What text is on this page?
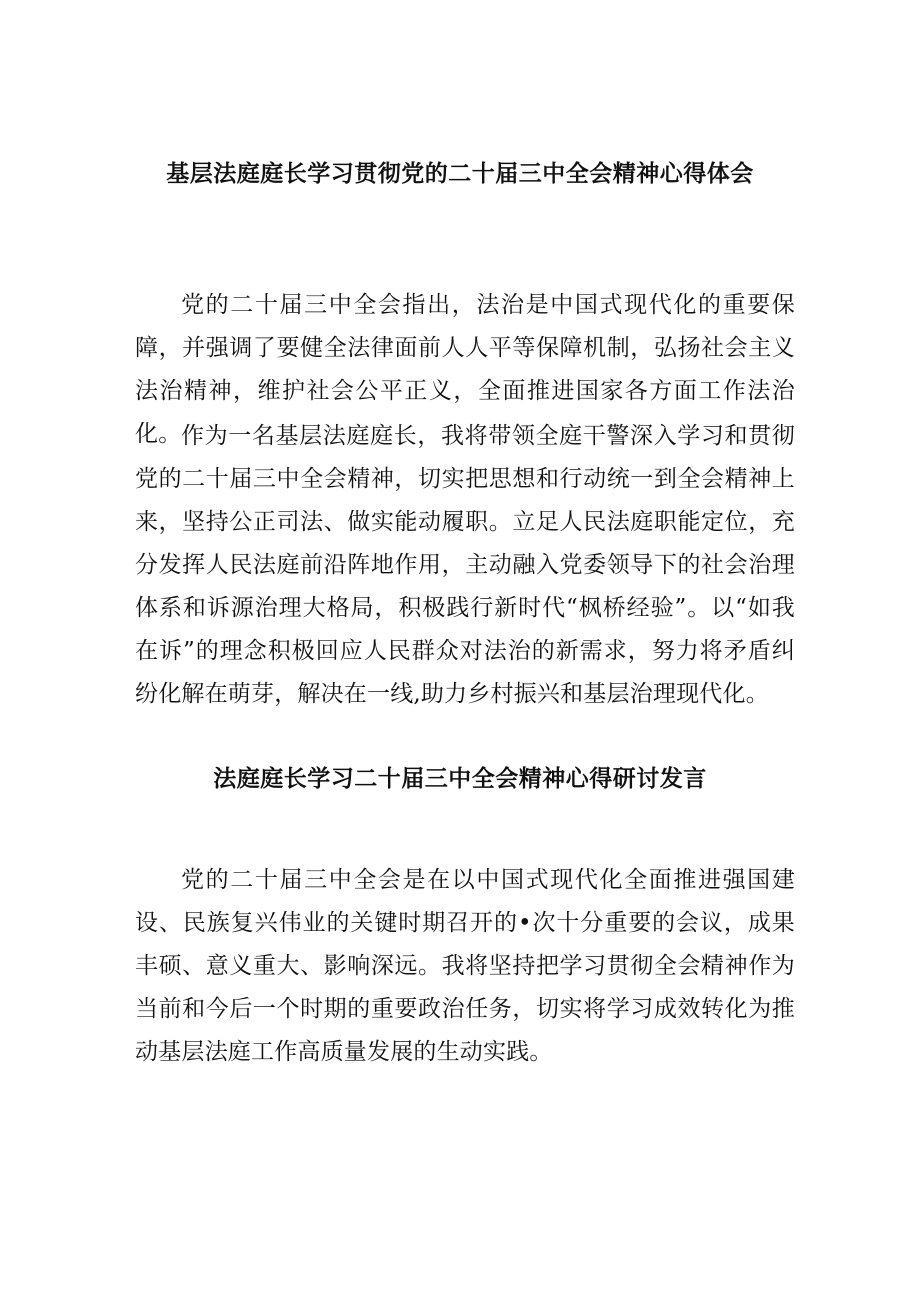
基层法庭庭长学习贯彻党的二十届三中全会精神心得体会
党的二十届三中全会指出，法治是中国式现代化的重要保障，并强调了要健全法律面前人人平等保障机制，弘扬社会主义法治精神，维护社会公平正义，全面推进国家各方面工作法治化。 作为一名基层法庭庭长，我将带领全庭干警深入学习和贯彻党的二十届三中全会精神，切实把思想和行动统一到全会精神上来，坚持公正司法、做实能动履职。立足人民法庭职能定位，充分发挥人民法庭前沿阵地作用，主动融入党委领导下的社会治理体系和诉源治理大格局，积极践行新时代“枫桥经验”。以“如我在诉”的理念积极回应人民群众对法治的新需求，努力将矛盾纠纷化解在萌芽，解决在一线,助力乡村振兴和基层治理现代化。
法庭庭长学习二十届三中全会精神心得研讨发言
党的二十届三中全会是在以中国式现代化全面推进强国建设、民族复兴伟业的关键时期召开的•次十分重要的会议，成果丰硕、意义重大、影响深远。我将坚持把学习贯彻全会精神作为当前和今后一个时期的重要政治任务，切实将学习成效转化为推动基层法庭工作高质量发展的生动实践。
